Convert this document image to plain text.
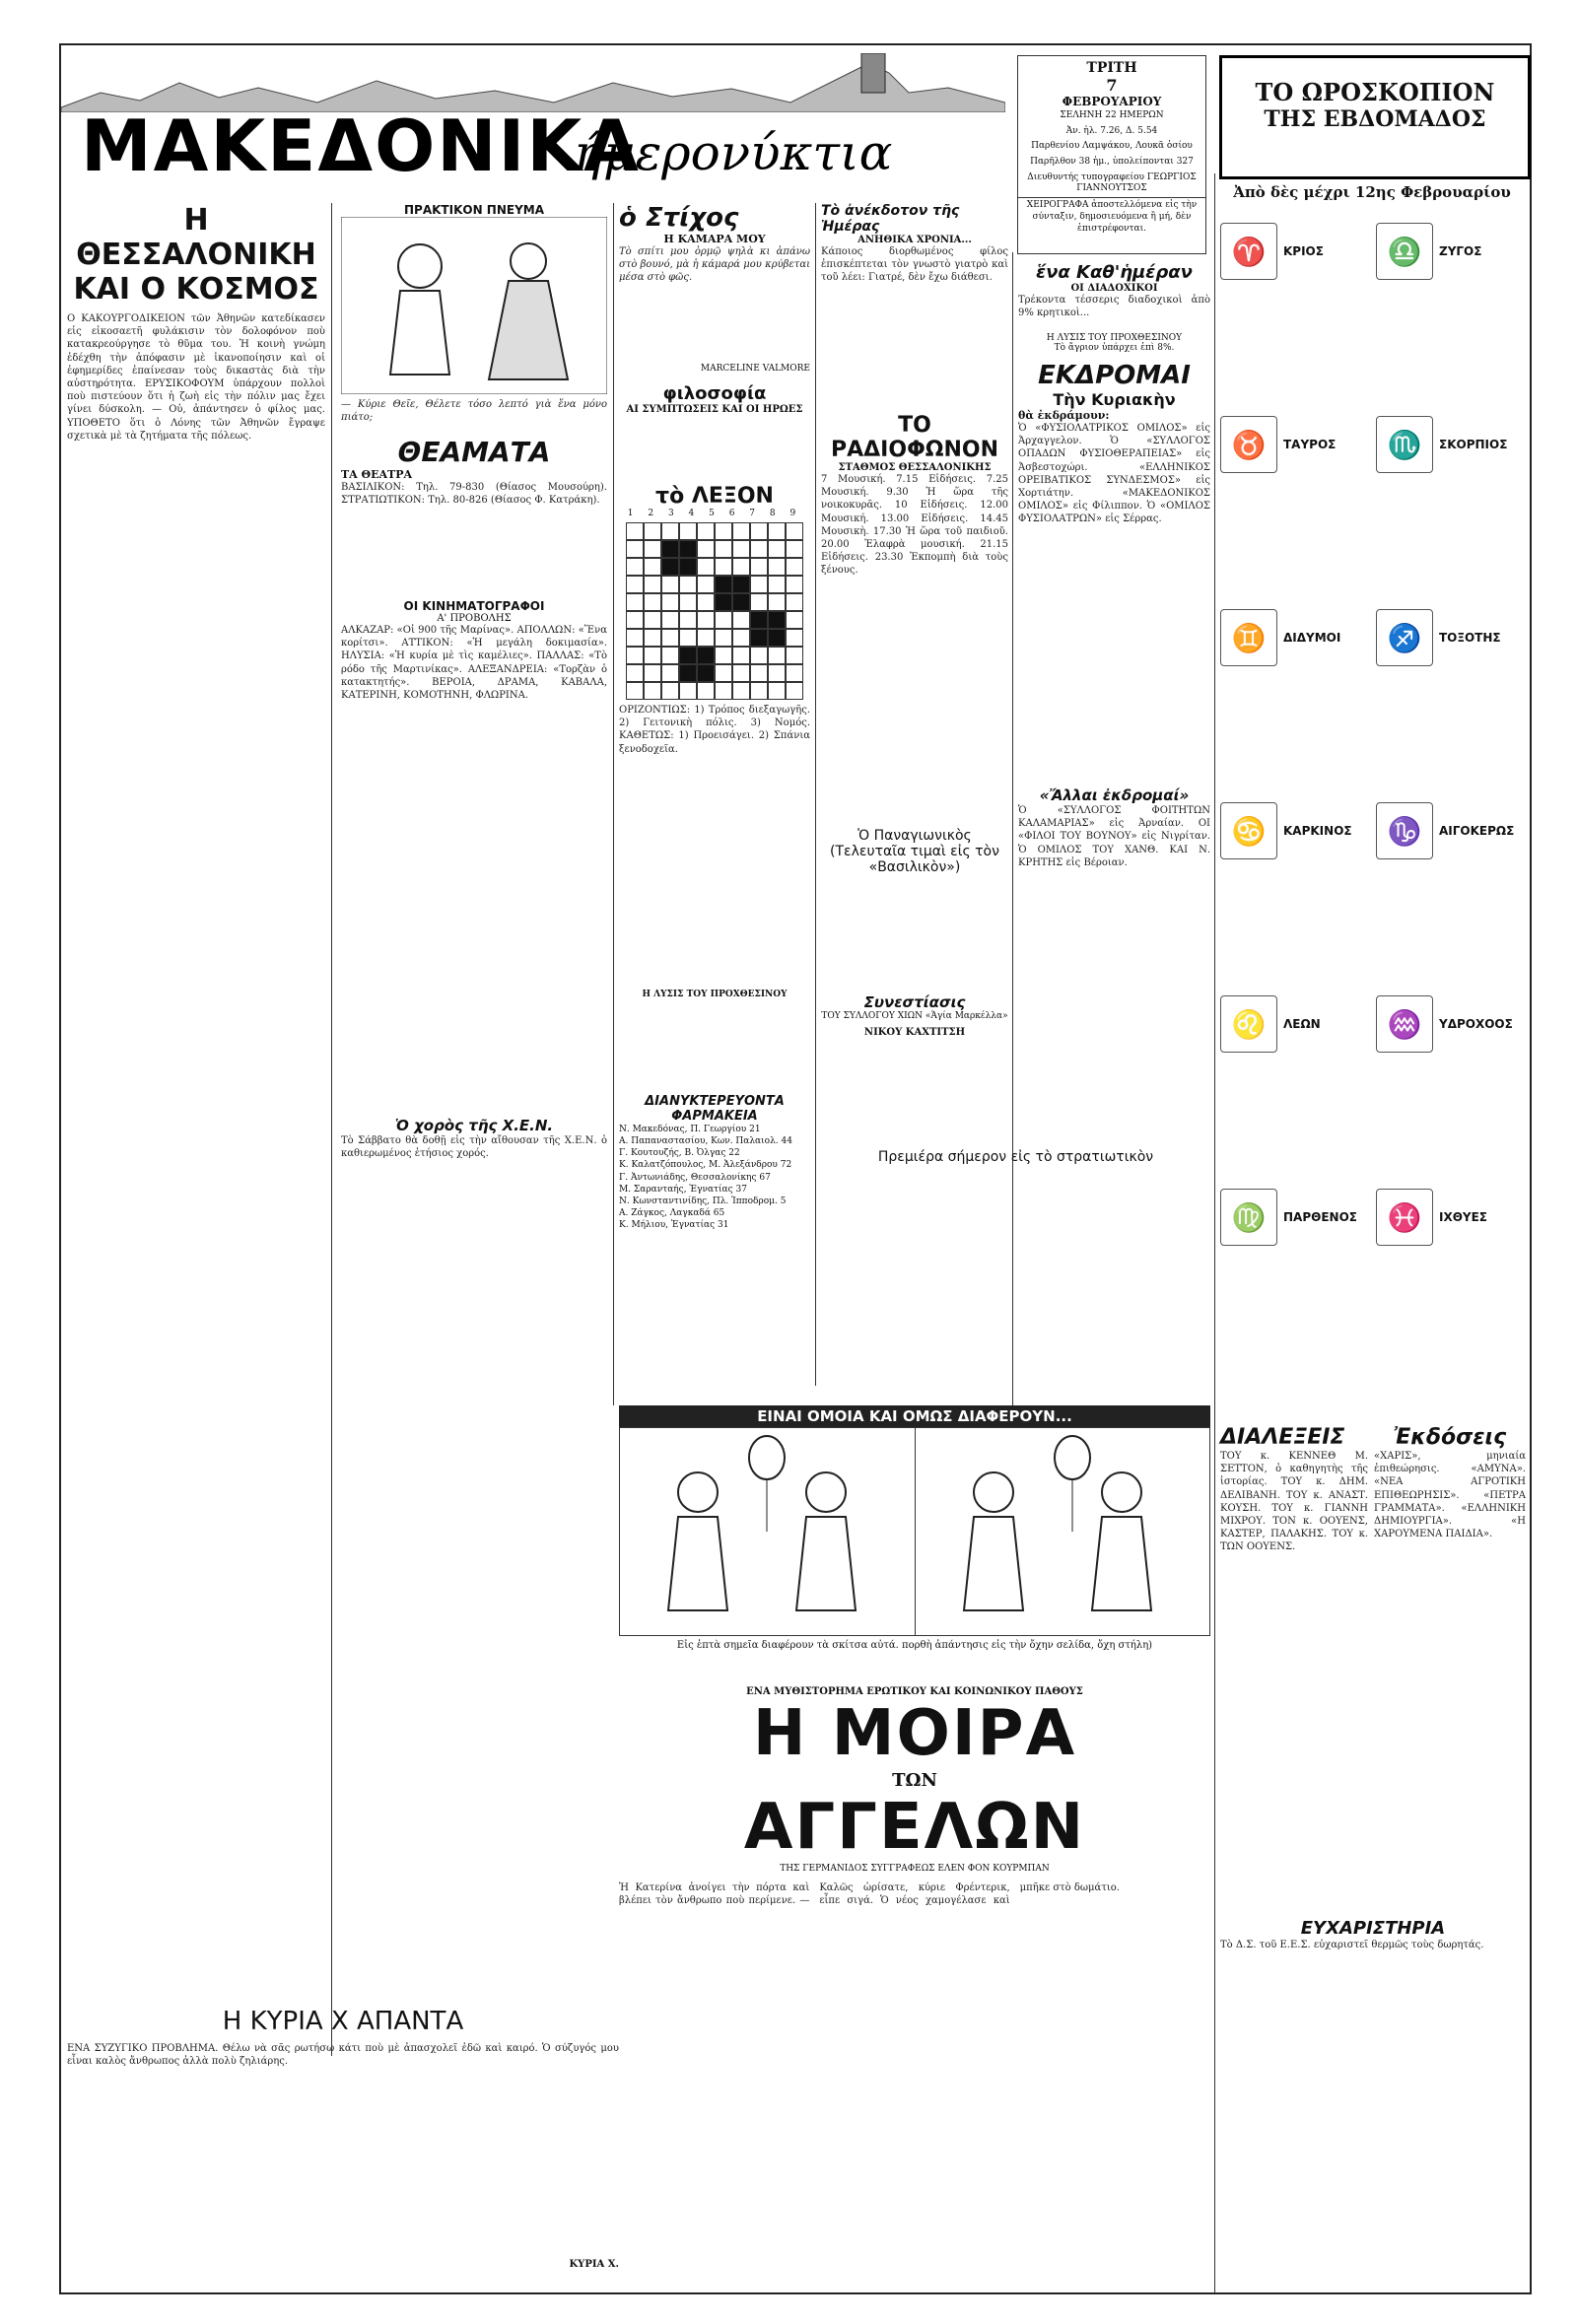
ΜΑΚΕΔΟΝΙΚΑ
ήμερονύκτια
ΤΡΙΤΗ
7
ΦΕΒΡΟΥΑΡΙΟΥ
ΣΕΛΗΝΗ 22 ΗΜΕΡΩΝ
Ἀν. ἡλ. 7.26, Δ. 5.54
Παρθενίου Λαμψάκου, Λουκᾶ ὁσίου
Παρῆλθον 38 ἡμ., ὑπολείπονται 327
Διευθυντής τυπογραφείου ΓΕΩΡΓΙΟΣ ΓΙΑΝΝΟΥΤΣΟΣ
ΧΕΙΡΟΓΡΑΦΑ ἀποστελλόμενα εἰς τὴν σύνταξιν, δημοσιευόμενα ἢ μή, δὲν ἐπιστρέφονται.
ΤΟ ΩΡΟΣΚΟΠΙΟΝ
ΤΗΣ ΕΒΔΟΜΑΔΟΣ
Ἀπὸ δὲς μέχρι 12ης Φεβρουαρίου
Η ΘΕΣΣΑΛΟΝΙΚΗ
ΚΑΙ Ο ΚΟΣΜΟΣ
Ο ΚΑΚΟΥΡΓΟΔΙΚΕΙΟΝ τῶν Ἀθηνῶν κατεδίκασεν εἰς εἰκοσαετῆ φυλάκισιν τὸν δολοφόνον ποὺ κατακρεούργησε τὸ θῦμα του. Ἡ κοινὴ γνώμη ἐδέχθη τὴν ἀπόφασιν μὲ ἱκανοποίησιν καὶ οἱ ἐφημερίδες ἐπαίνεσαν τοὺς δικαστὰς διὰ τὴν αὐστηρότητα. ΕΡΥΣΙΚΟΦΟΥΜ ὑπάρχουν πολλοὶ ποὺ πιστεύουν ὅτι ἡ ζωὴ εἰς τὴν πόλιν μας ἔχει γίνει δύσκολη. — Οὐ, ἀπάντησεν ὁ φίλος μας. ΥΠΟΘΕΤΟ ὅτι ὁ Λόνης τῶν Ἀθηνῶν ἔγραψε σχετικὰ μὲ τὰ ζητήματα τῆς πόλεως.
Η ΚΥΡΙΑ Χ ΑΠΑΝΤΑ
ΕΝΑ ΣΥΖΥΓΙΚΟ ΠΡΟΒΛΗΜΑ. Θέλω νὰ σᾶς ρωτήσω κάτι ποὺ μὲ ἀπασχολεῖ ἐδῶ καὶ καιρό. Ὁ σύζυγός μου εἶναι καλὸς ἄνθρωπος ἀλλὰ πολὺ ζηλιάρης.
ΚΥΡΙΑ Χ.
ΠΡΑΚΤΙΚΟΝ ΠΝΕΥΜΑ
— Κύριε Θεῖε, Θέλετε τόσο λεπτό γιὰ ἕνα μόνο πιάτο;
ΘΕΑΜΑΤΑ
ΤΑ ΘΕΑΤΡΑ
ΒΑΣΙΛΙΚΟΝ: Τηλ. 79-830 (Θίασος Μουσούρη). ΣΤΡΑΤΙΩΤΙΚΟΝ: Τηλ. 80-826 (Θίασος Φ. Κατράκη).
ΟΙ ΚΙΝΗΜΑΤΟΓΡΑΦΟΙ
Α' ΠΡΟΒΟΛΗΣ
ΑΛΚΑΖΑΡ: «Οἱ 900 τῆς Μαρίνας». ΑΠΟΛΛΩΝ: «Ἕνα κορίτσι». ΑΤΤΙΚΟΝ: «Ἡ μεγάλη δοκιμασία». ΗΛΥΣΙΑ: «Ἡ κυρία μὲ τὶς καμέλιες». ΠΑΛΛΑΣ: «Τὸ ρόδο τῆς Μαρτινίκας». ΑΛΕΞΑΝΔΡΕΙΑ: «Τορζὰν ὁ κατακτητής». ΒΕΡΟΙΑ, ΔΡΑΜΑ, ΚΑΒΑΛΑ, ΚΑΤΕΡΙΝΗ, ΚΟΜΟΤΗΝΗ, ΦΛΩΡΙΝΑ.
Ὁ χορὸς τῆς Χ.Ε.Ν.
Τὸ Σάββατο θὰ δοθῇ εἰς τὴν αἴθουσαν τῆς Χ.Ε.Ν. ὁ καθιερωμένος ἐτήσιος χορός.
ὁ Στίχος
Η ΚΑΜΑΡΑ ΜΟΥ
Τὸ σπίτι μου ὁρμῷ ψηλὰ κι ἀπάνω στὸ βουνό, μὰ ἡ κάμαρά μου κρύβεται μέσα στὸ φῶς.
MARCELINE VALMORE
φιλοσοφία
ΑΙ ΣΥΜΠΤΩΣΕΙΣ ΚΑΙ ΟΙ ΗΡΩΕΣ
τὸ ΛΕΞΟΝ
1 2 3 4 5 6 7 8 9
ΟΡΙΖΟΝΤΙΩΣ: 1) Τρόπος διεξαγωγῆς. 2) Γειτονικὴ πόλις. 3) Νομός. ΚΑΘΕΤΩΣ: 1) Προεισάγει. 2) Σπάνια ξενοδοχεῖα.
Η ΛΥΣΙΣ ΤΟΥ ΠΡΟΧΘΕΣΙΝΟΥ
ΔΙΑΝΥΚΤΕΡΕΥΟΝΤΑ ΦΑΡΜΑΚΕΙΑ
Ν. Μακεδόνας, Π. Γεωργίου 21
Α. Παπαναστασίου, Κων. Παλαιολ. 44
Γ. Κουτουζής, Β. Ὀλγας 22
Κ. Καλατζόπουλος, Μ. Ἀλεξάνδρου 72
Γ. Ἀντωνιάδης, Θεσσαλονίκης 67
Μ. Σαρανταής, Ἐγνατίας 37
Ν. Κωνσταντινίδης, Πλ. Ἱπποδρομ. 5
Α. Ζάγκος, Λαγκαδά 65
Κ. Μήλιου, Ἐγνατίας 31
Τὸ ἀνέκδοτον τῆς Ἡμέρας
ΑΝΗΘΙΚΑ ΧΡΟΝΙΑ...
Κάποιος διορθωμένος φίλος ἐπισκέπτεται τὸν γνωστὸ γιατρὸ καὶ τοῦ λέει: Γιατρέ, δὲν ἔχω διάθεσι.
ΤΟ ΡΑΔΙΟΦΩΝΟΝ
ΣΤΑΘΜΟΣ ΘΕΣΣΑΛΟΝΙΚΗΣ
7 Μουσική. 7.15 Εἰδήσεις. 7.25 Μουσική. 9.30 Ἡ ὥρα τῆς νοικοκυρᾶς. 10 Εἰδήσεις. 12.00 Μουσική. 13.00 Εἰδήσεις. 14.45 Μουσικὴ. 17.30 Ἡ ὥρα τοῦ παιδιοῦ. 20.00 Ἐλαφρὰ μουσική. 21.15 Εἰδήσεις. 23.30 Ἐκπομπὴ διὰ τοὺς ξένους.
Ὁ Παναγιωνικὸς (Τελευταῖα τιμαὶ εἰς τὸν «Βασιλικὸν»)
Συνεστίασις
ΤΟΥ ΣΥΛΛΟΓΟΥ ΧΙΩΝ «Ἁγία Μαρκέλλα»
ΝΙΚΟΥ ΚΑΧΤΙΤΣΗ
ἕνα Καθ'ἡμέραν
ΟΙ ΔΙΑΔΟΧΙΚΟΙ
Τρέκοντα τέσσερις διαδοχικοὶ ἀπὸ 9% κρητικοὶ...
Η ΛΥΣΙΣ ΤΟΥ ΠΡΟΧΘΕΣΙΝΟΥ
Τὸ ἄγριον ὑπάρχει ἐπὶ 8%.
ΕΚΔΡΟΜΑΙ
Τὴν Κυριακὴν
θὰ ἐκδράμουν:
Ὁ «ΦΥΣΙΟΛΑΤΡΙΚΟΣ ΟΜΙΛΟΣ» εἰς Ἀρχαγγελον. Ὁ «ΣΥΛΛΟΓΟΣ ΟΠΑΔΩΝ ΦΥΣΙΟΘΕΡΑΠΕΙΑΣ» εἰς Ἀσβεστοχώρι. «ΕΛΛΗΝΙΚΟΣ ΟΡΕΙΒΑΤΙΚΟΣ ΣΥΝΔΕΣΜΟΣ» εἰς Χορτιάτην. «ΜΑΚΕΔΟΝΙΚΟΣ ΟΜΙΛΟΣ» εἰς Φίλιππον. Ὁ «ΟΜΙΛΟΣ ΦΥΣΙΟΛΑΤΡΩΝ» εἰς Σέρρας.
«Ἄλλαι ἐκδρομαί»
Ὁ «ΣΥΛΛΟΓΟΣ ΦΟΙΤΗΤΩΝ ΚΑΛΑΜΑΡΙΑΣ» εἰς Ἀρναίαν. ΟΙ «ΦΙΛΟΙ ΤΟΥ ΒΟΥΝΟΥ» εἰς Νιγρίταν. Ὁ ΟΜΙΛΟΣ ΤΟΥ ΧΑΝΘ. ΚΑΙ Ν. ΚΡΗΤΗΣ εἰς Βέροιαν.
Πρεμιέρα σήμερον εἰς τὸ στρατιωτικὸν
ΕΙΝΑΙ ΟΜΟΙΑ ΚΑΙ ΟΜΩΣ ΔΙΑΦΕΡΟΥΝ...
Εἰς ἑπτὰ σημεῖα διαφέρουν τὰ σκίτσα αὐτά. πορθὴ ἀπάντησις εἰς τὴν ὄχην σελίδα, ὄχη στήλη)
ΕΝΑ ΜΥΘΙΣΤΟΡΗΜΑ ΕΡΩΤΙΚΟΥ ΚΑΙ ΚΟΙΝΩΝΙΚΟΥ ΠΑΘΟΥΣ
Η ΜΟΙΡΑ
ΤΩΝ
ΑΓΓΕΛΩΝ
ΤΗΣ ΓΕΡΜΑΝΙΔΟΣ ΣΥΓΓΡΑΦΕΩΣ ΕΛΕΝ ΦΟΝ ΚΟΥΡΜΠΑΝ
Ἡ Κατερίνα ἀνοίγει τὴν πόρτα καὶ βλέπει τὸν ἄνθρωπο ποὺ περίμενε. — Καλῶς ὡρίσατε, κύριε Φρέντερικ, εἶπε σιγά. Ὁ νέος χαμογέλασε καὶ μπῆκε στὸ δωμάτιο.
♈	ΚΡΙΟΣ	♎	ΖΥΓΟΣ
♉	ΤΑΥΡΟΣ	♏	ΣΚΟΡΠΙΟΣ
♊	ΔΙΔΥΜΟΙ	♐	ΤΟΞΟΤΗΣ
♋	ΚΑΡΚΙΝΟΣ	♑	ΑΙΓΟΚΕΡΩΣ
♌	ΛΕΩΝ	♒	ΥΔΡΟΧΟΟΣ
♍	ΠΑΡΘΕΝΟΣ	♓	ΙΧΘΥΕΣ
ΔΙΑΛΕΞΕΙΣ
ΤΟΥ κ. ΚΕΝΝΕΘ Μ. ΣΕΤΤΟΝ, ὁ καθηγητὴς τῆς ἱστορίας. ΤΟΥ κ. ΔΗΜ. ΔΕΛΙΒΑΝΗ. ΤΟΥ κ. ΑΝΑΣΤ. ΚΟΥΣΗ. ΤΟΥ κ. ΓΙΑΝΝΗ ΜΙΧΡΟΥ. ΤΟΝ κ. ΟΟΥΕΝΣ, ΚΑΣΤΕΡ, ΠΑΛΑΚΗΣ. ΤΟΥ κ. ΤΩΝ ΟΟΥΕΝΣ.
Ἐκδόσεις
«ΧΑΡΙΣ», μηνιαία ἐπιθεώρησις. «ΑΜΥΝΑ». «ΝΕΑ ΑΓΡΟΤΙΚΗ ΕΠΙΘΕΩΡΗΣΙΣ». «ΠΕΤΡΑ ΓΡΑΜΜΑΤΑ». «ΕΛΛΗΝΙΚΗ ΔΗΜΙΟΥΡΓΙΑ». «Η ΧΑΡΟΥΜΕΝΑ ΠΑΙΔΙΑ».
ΕΥΧΑΡΙΣΤΗΡΙΑ
Τὸ Δ.Σ. τοῦ Ε.Ε.Σ. εὐχαριστεῖ θερμῶς τοὺς δωρητάς.
